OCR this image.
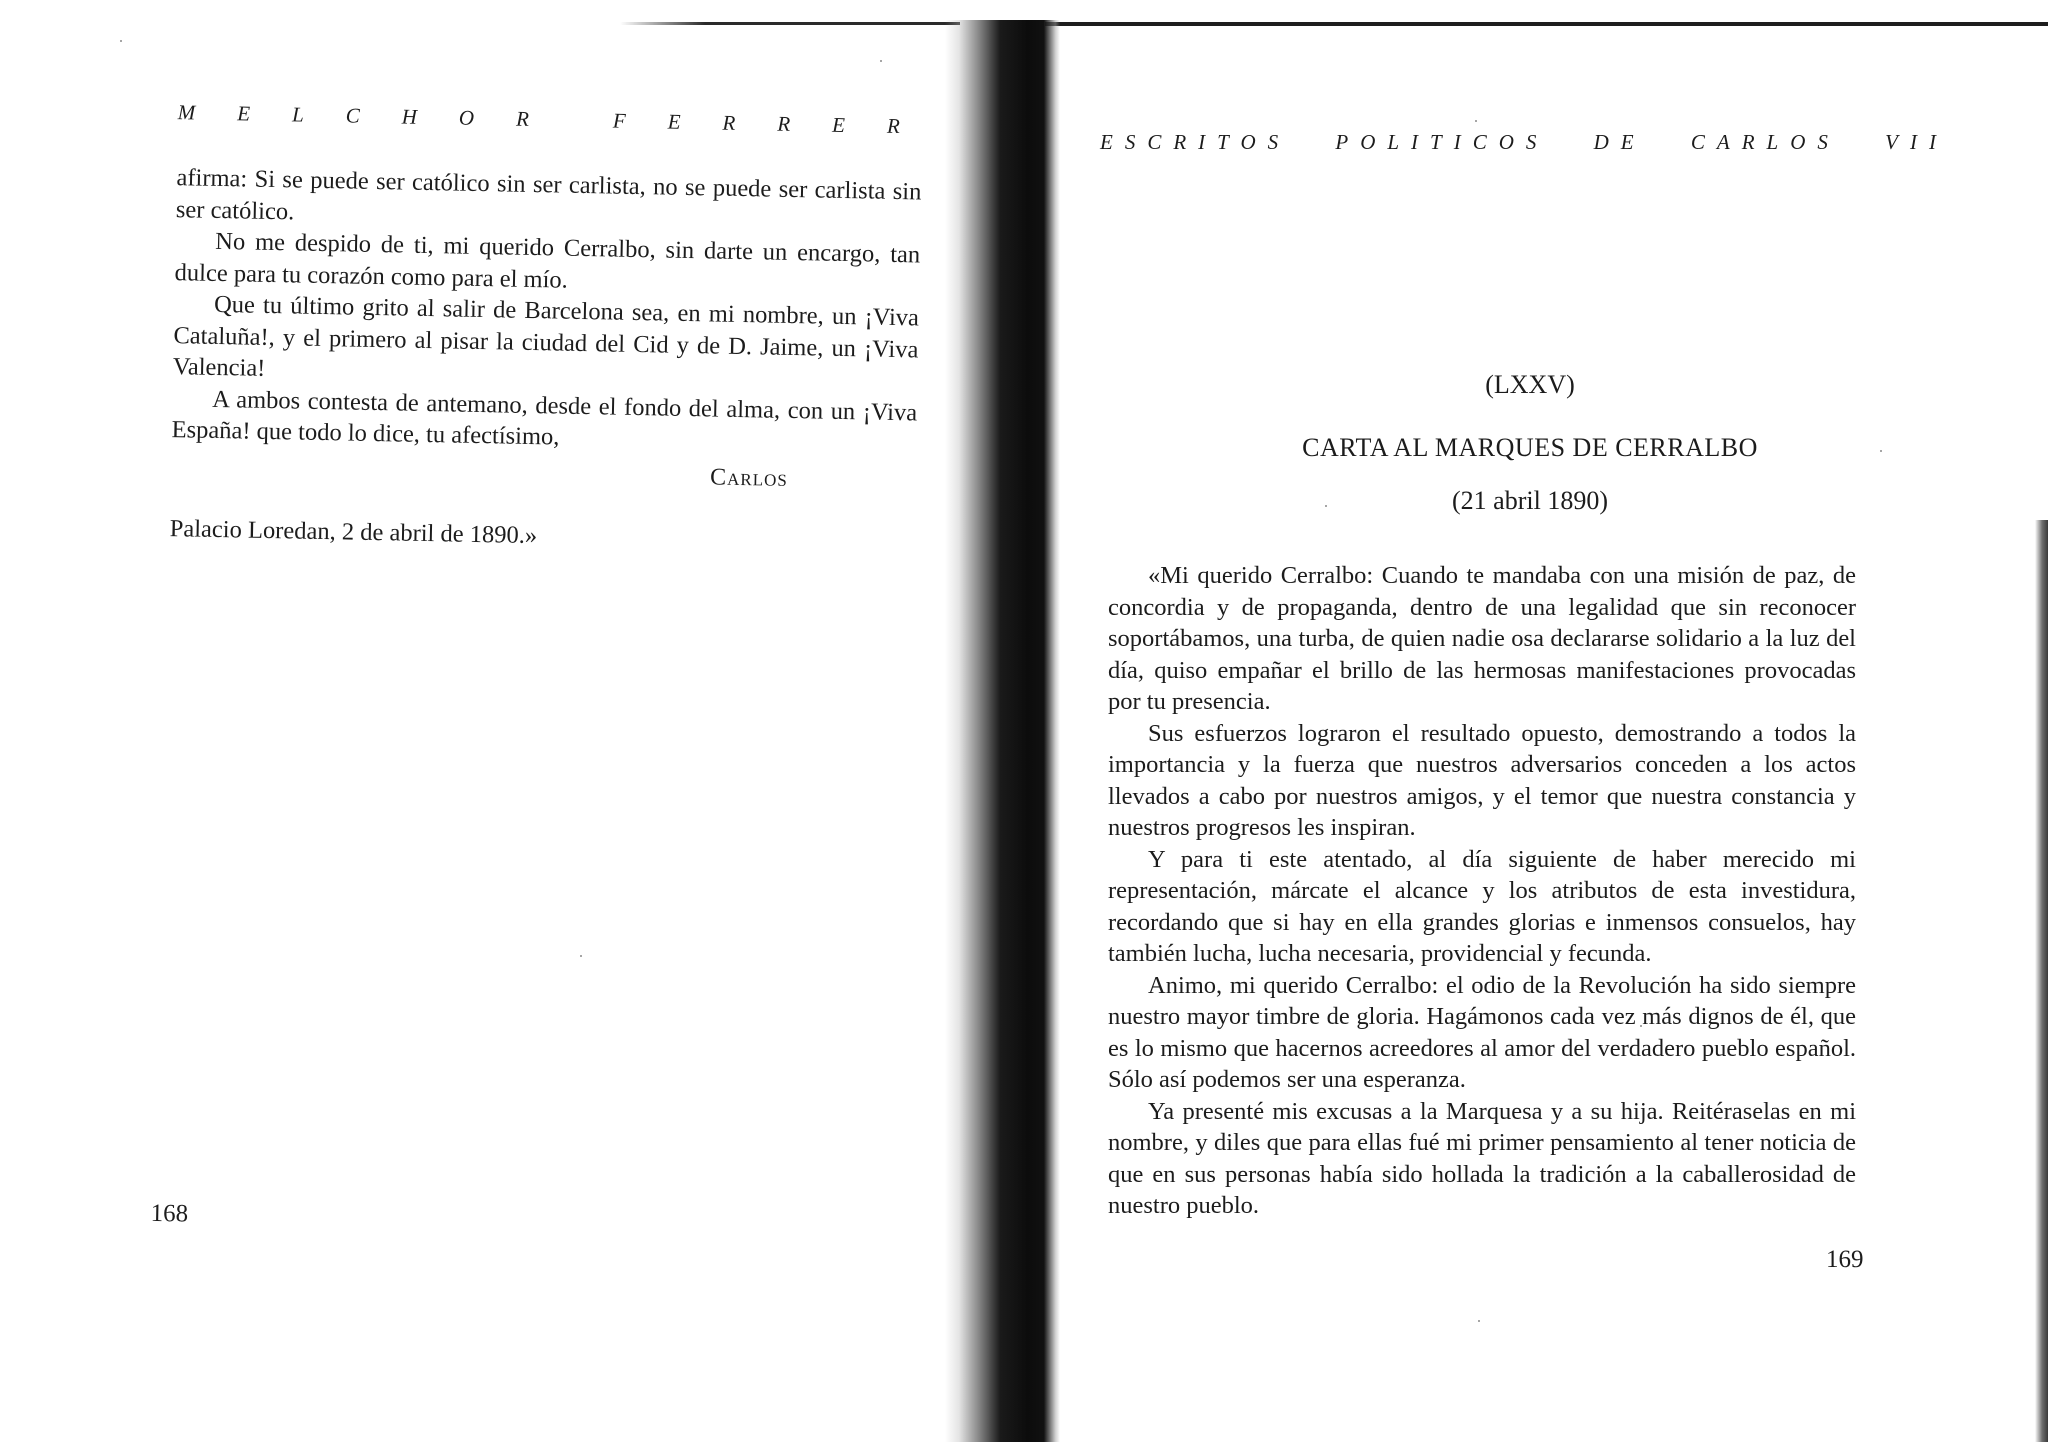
M E L C H O R	F E R R E R

afirma: Si se puede ser católico sin ser carlista, no se puede ser carlista sin ser católico.

No me despido de ti, mi querido Cerralbo, sin darte un encargo, tan dulce para tu corazón como para el mío.

Que tu último grito al salir de Barcelona sea, en mi nombre, un ¡Viva Cataluña!, y el primero al pisar la ciudad del Cid y de D. Jaime, un ¡Viva Valencia!

A ambos contesta de antemano, desde el fondo del alma, con un ¡Viva España! que todo lo dice, tu afectísimo,

Carlos

Palacio Loredan, 2 de abril de 1890.»

168
ESCRITOS POLITICOS DE CARLOS VII
(LXXV)
CARTA AL MARQUES DE CERRALBO
(21 abril 1890)

«Mi querido Cerralbo: Cuando te mandaba con una misión de paz, de concordia y de propaganda, dentro de una legalidad que sin reconocer soportábamos, una turba, de quien nadie osa declararse solidario a la luz del día, quiso empañar el brillo de las hermosas manifestaciones provocadas por tu presencia.

Sus esfuerzos lograron el resultado opuesto, demostrando a todos la importancia y la fuerza que nuestros adversarios conceden a los actos llevados a cabo por nuestros amigos, y el temor que nuestra constancia y nuestros progresos les inspiran.

Y para ti este atentado, al día siguiente de haber merecido mi representación, márcate el alcance y los atributos de esta investidura, recordando que si hay en ella grandes glorias e inmensos consuelos, hay también lucha, lucha necesaria, providencial y fecunda.

Animo, mi querido Cerralbo: el odio de la Revolución ha sido siempre nuestro mayor timbre de gloria. Hagámonos cada vez más dignos de él, que es lo mismo que hacernos acreedores al amor del verdadero pueblo español. Sólo así podemos ser una esperanza.

Ya presenté mis excusas a la Marquesa y a su hija. Reitéraselas en mi nombre, y diles que para ellas fué mi primer pensamiento al tener noticia de que en sus personas había sido hollada la tradición a la caballerosidad de nuestro pueblo.

169
